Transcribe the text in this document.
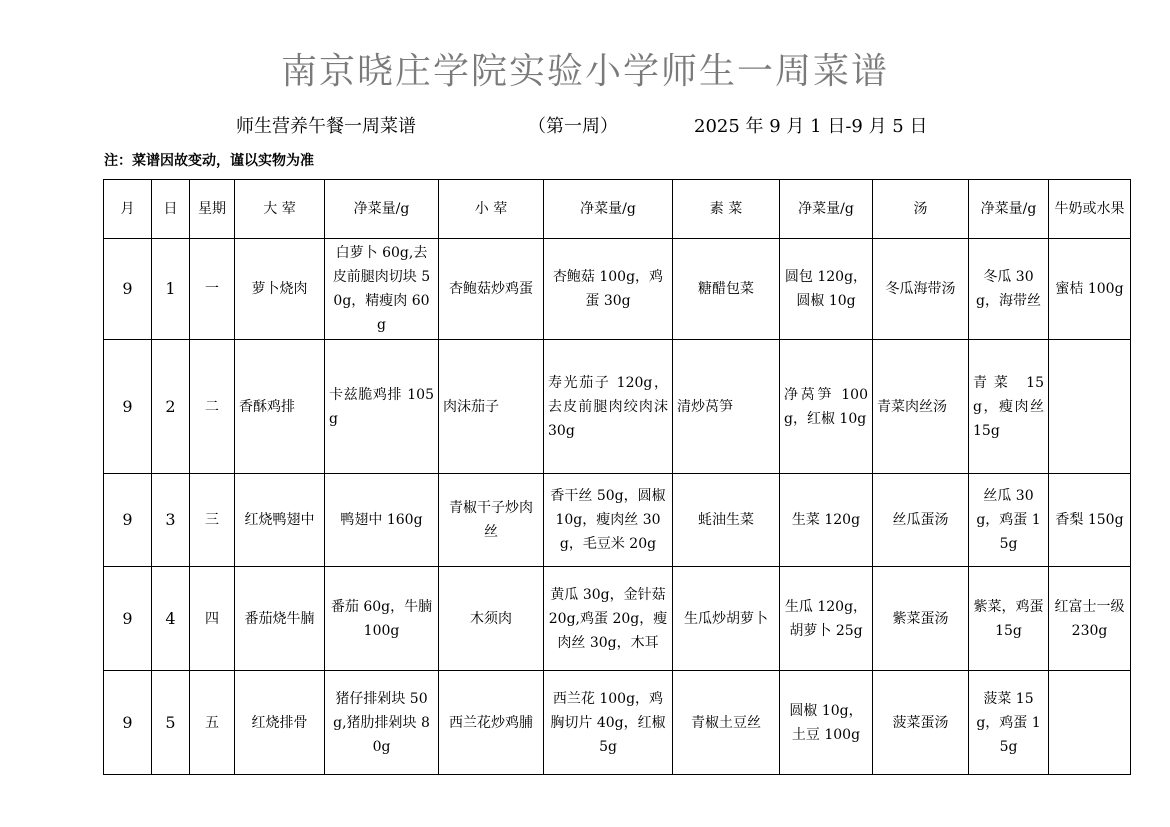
南京晓庄学院实验小学师生一周菜谱
师生营养午餐一周菜谱	（第一周）	2025 年 9 月 1 日-9 月 5 日
注：菜谱因故变动，谨以实物为准
月	日	星期	大 荤	净菜量/g	小 荤	净菜量/g	素 菜	净菜量/g	汤	净菜量/g	牛奶或水果
9	1	一	萝卜烧肉	白萝卜 60g,去皮前腿肉切块 50g，精瘦肉 60g	杏鲍菇炒鸡蛋	杏鲍菇 100g，鸡蛋 30g	糖醋包菜	圆包 120g，圆椒 10g	冬瓜海带汤	冬瓜 30g，海带丝	蜜桔 100g
9	2	二	香酥鸡排	卡兹脆鸡排 105g	肉沫茄子	寿光茄子 120g，去皮前腿肉绞肉沫 30g	清炒莴笋	净莴笋 100g，红椒 10g	青菜肉丝汤	青菜 15g，瘦肉丝 15g	
9	3	三	红烧鸭翅中	鸭翅中 160g	青椒干子炒肉丝	香干丝 50g，圆椒 10g，瘦肉丝 30g，毛豆米 20g	蚝油生菜	生菜 120g	丝瓜蛋汤	丝瓜 30g，鸡蛋 15g	香梨 150g
9	4	四	番茄烧牛腩	番茄 60g，牛腩 100g	木须肉	黄瓜 30g，金针菇 20g,鸡蛋 20g，瘦肉丝 30g，木耳	生瓜炒胡萝卜	生瓜 120g，胡萝卜 25g	紫菜蛋汤	紫菜，鸡蛋 15g	红富士一级 230g
9	5	五	红烧排骨	猪仔排剁块 50g,猪肋排剁块 80g	西兰花炒鸡脯	西兰花 100g，鸡胸切片 40g，红椒 5g	青椒土豆丝	圆椒 10g，土豆 100g	菠菜蛋汤	菠菜 15g，鸡蛋 15g	
